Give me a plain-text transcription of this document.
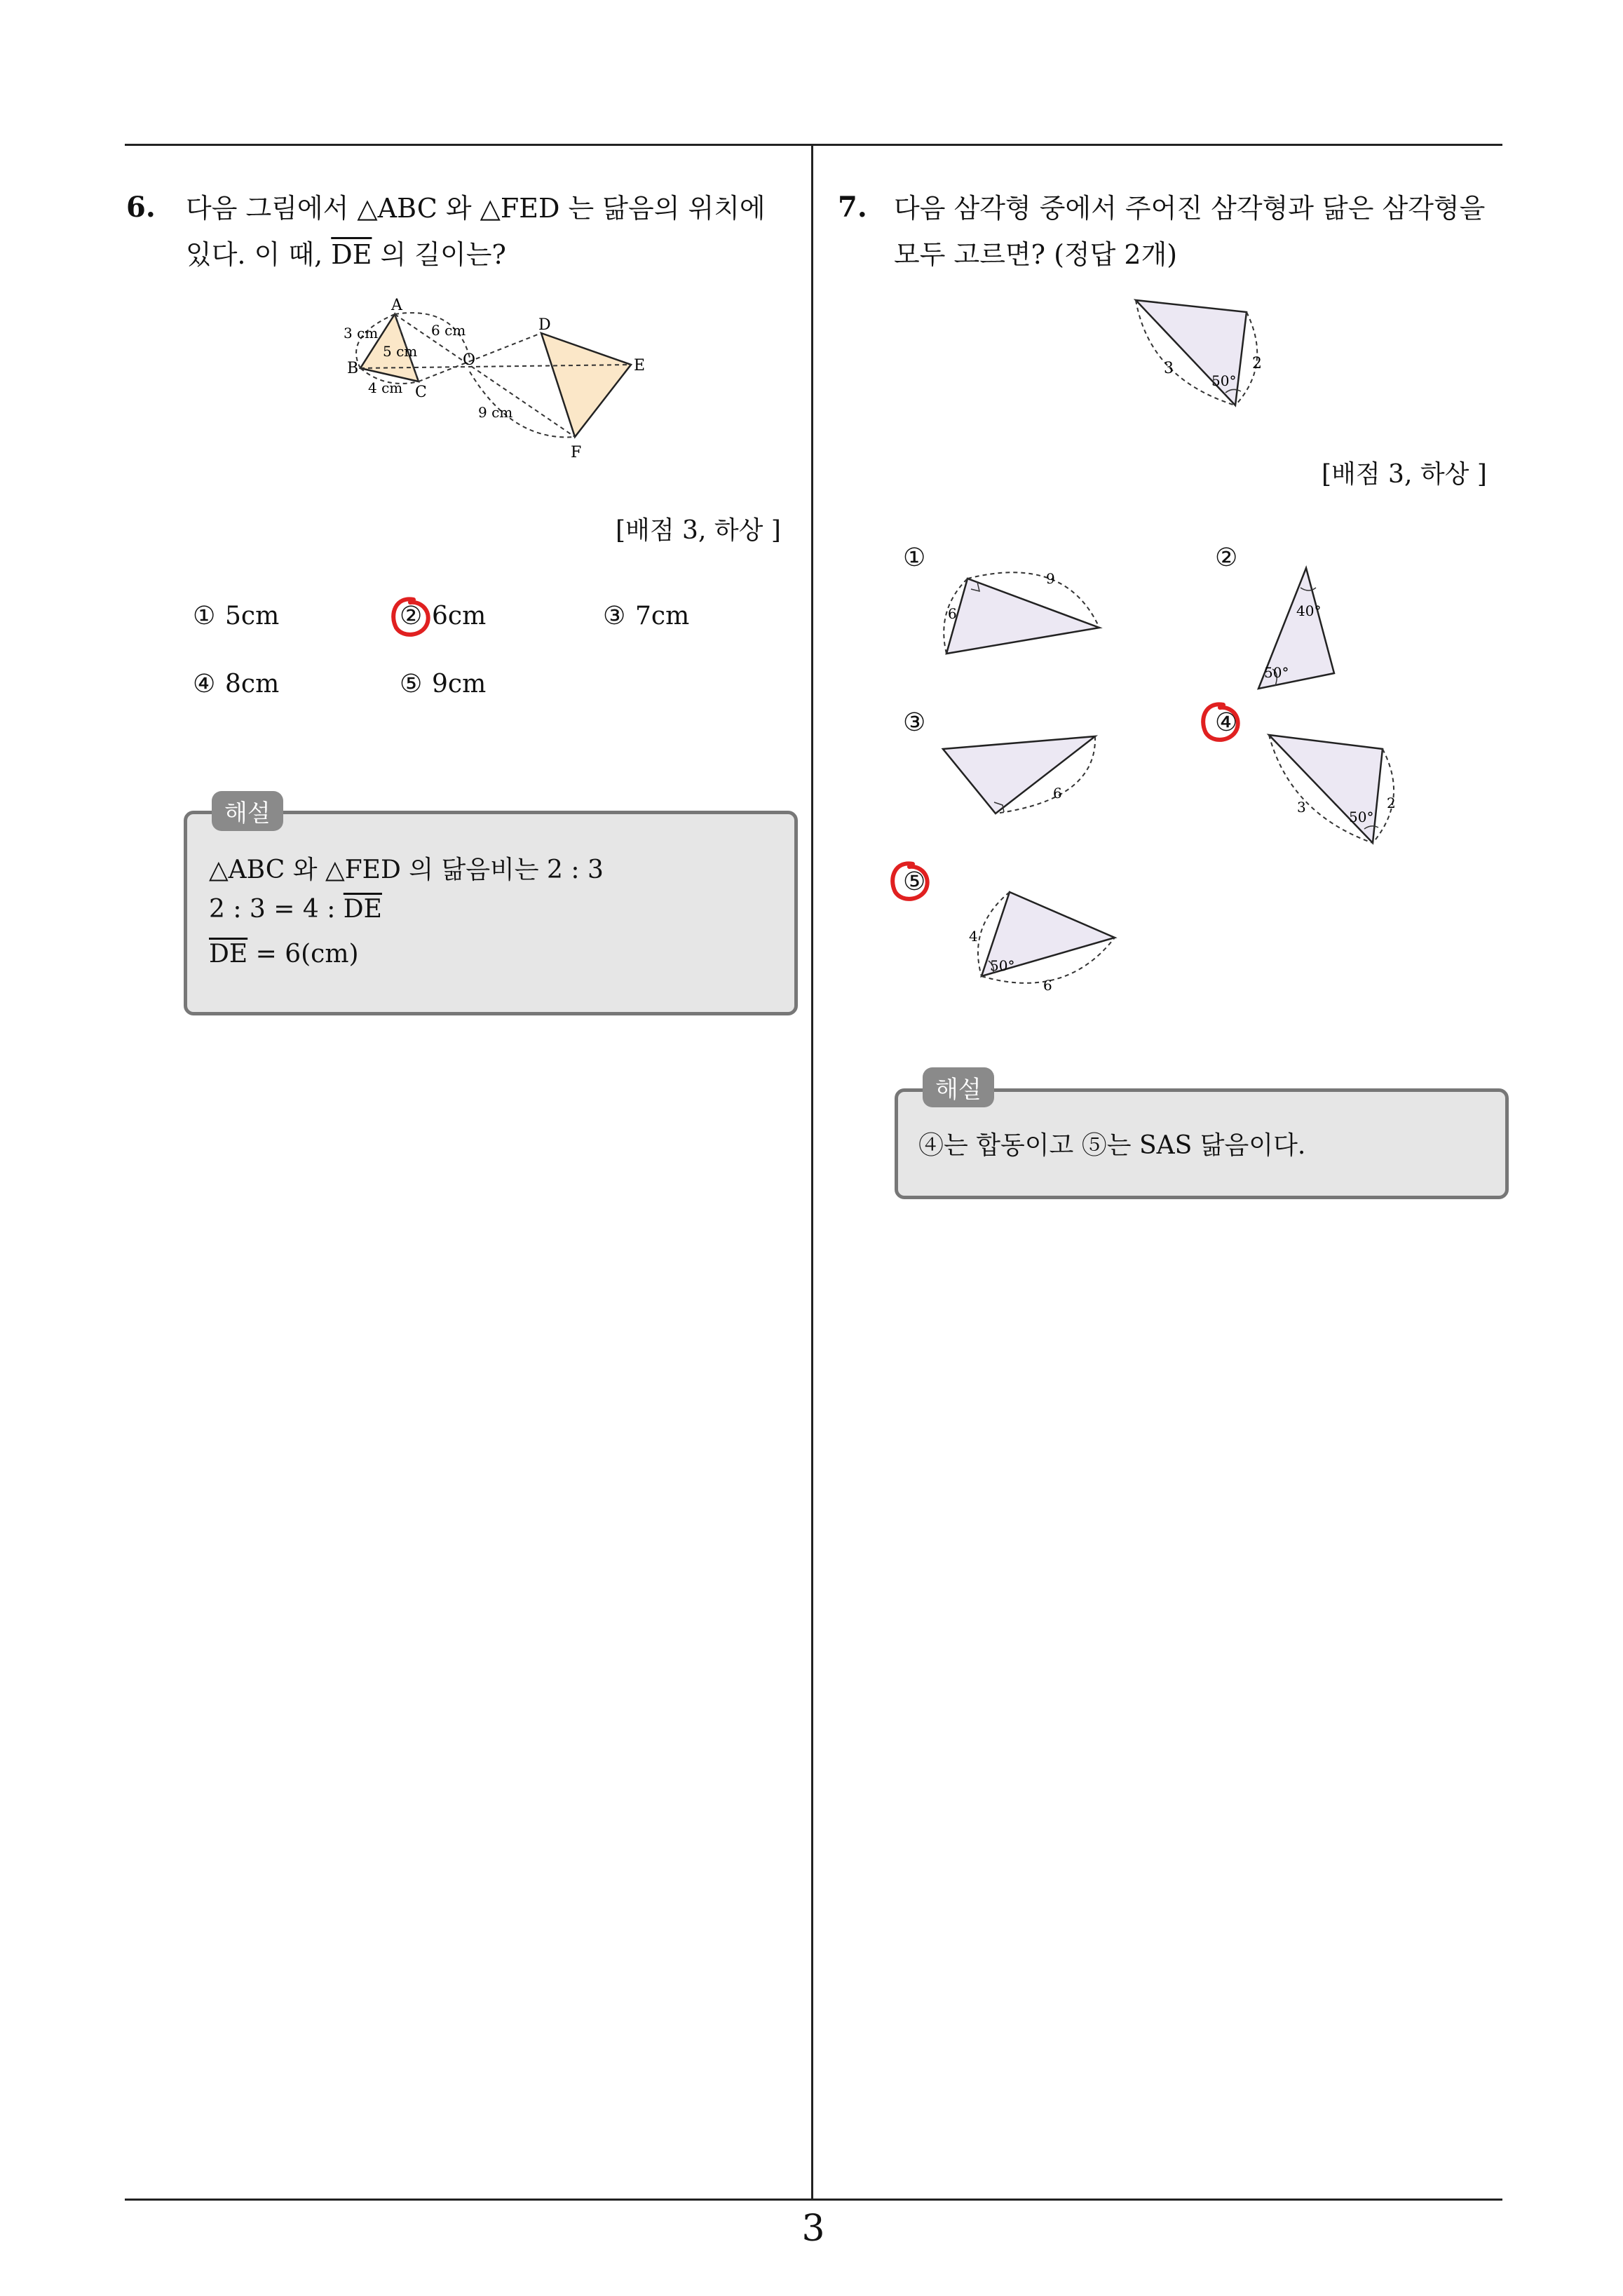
3
6. 다음 그림에서 △ABC 와 △FED 는 닮음의 위치에
있다. 이 때, $\overline{DE}$ 의 길이는?
A
B
C
O
D
E
F
3 cm	6 cm
5 cm
4 cm
9 cm
[배점 3, 하상 ]
① 5cm	② 6cm	③ 7cm
④ 8cm	⑤ 9cm
해설
△ABC 와 △FED 의 닮음비는 2 : 3
2 : 3 = 4 : $\overline{DE}$
$\overline{DE} = 6(cm)$
7. 다음 삼각형 중에서 주어진 삼각형과 닮은 삼각형을
모두 고르면? (정답 2개)
3
50°
2
[배점 3, 하상 ]
①
6
9
②
40°
50°
③
6
④
3
50°
2
⑤
4
50°
6
해설
④는 합동이고 ⑤는 SAS 닮음이다.
